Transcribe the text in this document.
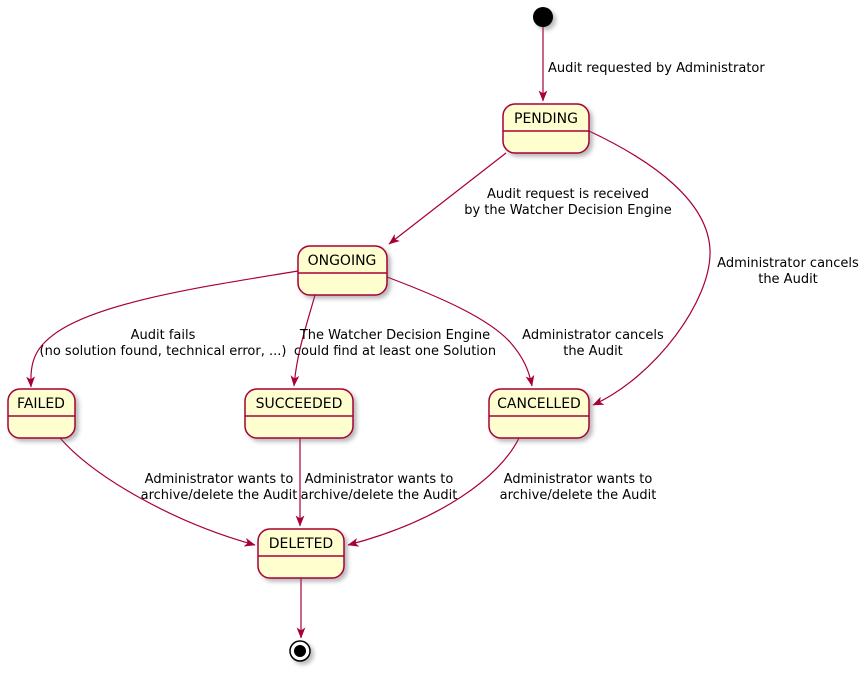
Audit requested by Administrator
Audit request is received
by the Watcher Decision Engine
Administrator cancels
the Audit
Audit fails
(no solution found, technical error, ...)
The Watcher Decision Engine
could find at least one Solution
Administrator cancels
the Audit
Administrator wants to
archive/delete the Audit
Administrator wants to
archive/delete the Audit
Administrator wants to
archive/delete the Audit
PENDING
ONGOING
FAILED	SUCCEEDED	CANCELLED
DELETED
